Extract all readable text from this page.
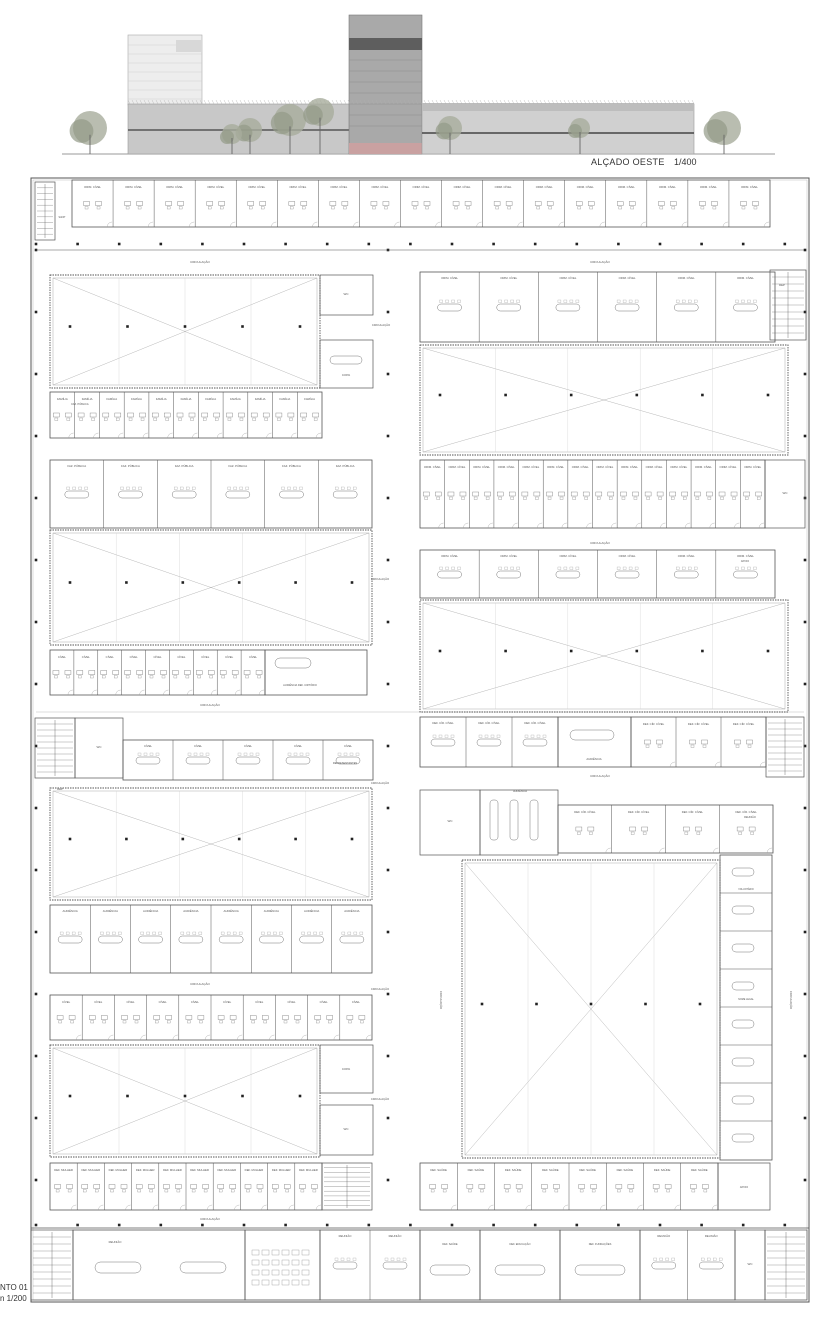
ALÇADO OESTE 1/400
ORIM. CÍVEL	ORIM. CÍVEL	ORIM. CÍVEL	ORIM. CÍVEL	ORIM. CÍVEL	ORIM. CÍVEL	ORIM. CÍVEL	ORIM. CÍVEL	ORIM. CÍVEL	ORIM. CÍVEL	ORIM. CÍVEL	ORIM. CÍVEL	ORIM. CÍVEL	ORIM. CÍVEL	ORIM. CÍVEL	ORIM. CÍVEL	ORIM. CÍVEL
SANIT
CIRCULAÇÃO	CIRCULAÇÃO
WC
COPA
CIRCULAÇÃO
FAMÍLIA	FAMÍLIA	FAMÍLIA	FAMÍLIA	FAMÍLIA	FAMÍLIA	FAMÍLIA	FAMÍLIA	FAMÍLIA	FAMÍLIA	FAMÍLIA
FAZ. PÚBLICA
FAZ. PÚBLICA	FAZ. PÚBLICA	FAZ. PÚBLICA	FAZ. PÚBLICA	FAZ. PÚBLICA	FAZ. PÚBLICA
CIRCULAÇÃO
CÍVEL	CÍVEL	CÍVEL	CÍVEL	CÍVEL	CÍVEL	CÍVEL	CÍVEL	CÍVEL
AUDIÊNCIA DEF. CIRTÓRIO
CIRCULAÇÃO
WC
DEP
CÍVEL	CÍVEL	CÍVEL	CÍVEL	CÍVEL
REPRESENTANTES
CIRCULAÇÃO
AUDIÊNCIA	AUDIÊNCIA	AUDIÊNCIA	AUDIÊNCIA	AUDIÊNCIA	AUDIÊNCIA	AUDIÊNCIA	AUDIÊNCIA
CIRCULAÇÃO
CÍVEL	CÍVEL	CÍVEL	CÍVEL	CÍVEL	CÍVEL	CÍVEL	CÍVEL	CÍVEL	CÍVEL
COPA
WC
DEF. MULHER	DEF. MULHER	DEF. MULHER	DEF. MULHER	DEF. MULHER	DEF. MULHER	DEF. MULHER	DEF. MULHER	DEF. MULHER	DEF. MULHER
CIRCULAÇÃO
CIRCULAÇÃO
CIRCULAÇÃO
ORIM. CÍVEL	ORIM. CÍVEL	ORIM. CÍVEL	ORIM. CÍVEL	ORIM. CÍVEL	ORIM. CÍVEL
DEP
ORIM. CÍVEL	ORIM. CÍVEL	ORIM. CÍVEL	ORIM. CÍVEL	ORIM. CÍVEL	ORIM. CÍVEL	ORIM. CÍVEL	ORIM. CÍVEL	ORIM. CÍVEL	ORIM. CÍVEL	ORIM. CÍVEL	ORIM. CÍVEL	ORIM. CÍVEL	ORIM. CÍVEL
WC
CIRCULAÇÃO
ORIM. CÍVEL	ORIM. CÍVEL	ORIM. CÍVEL	ORIM. CÍVEL	ORIM. CÍVEL	ORIM. CÍVEL
APOIO
DEF. CÍR. CÍVEL	DEF. CÍR. CÍVEL	DEF. CÍR. CÍVEL
AUDIÊNCIA
DEF. CÍR. CÍVEL	DEF. CÍR. CÍVEL	DEF. CÍR. CÍVEL
CIRCULAÇÃO
WC
AUDIÊNCIA
DEF. CÍR. CÍVEL	DEF. CÍR. CÍVEL	DEF. CÍR. CÍVEL	DEF. CÍR. CÍVEL
REUNIÃO
VOLUNTÁRIO
NOME LEGAL	CIRCULAÇÃO
CIRCULAÇÃO
DEF. SAÚDE	DEF. SAÚDE	DEF. SAÚDE	DEF. SAÚDE	DEF. SAÚDE	DEF. SAÚDE	DEF. SAÚDE	DEF. SAÚDE
APOIO
REUNIÃO
REUNIÃO	REUNIÃO
DEF. SAÚDE	DEF. EDUCAÇÃO	DEF. FUNDAÇÕES
REUNIÃO	REUNIÃO
WC
NTO 01
n 1/200
